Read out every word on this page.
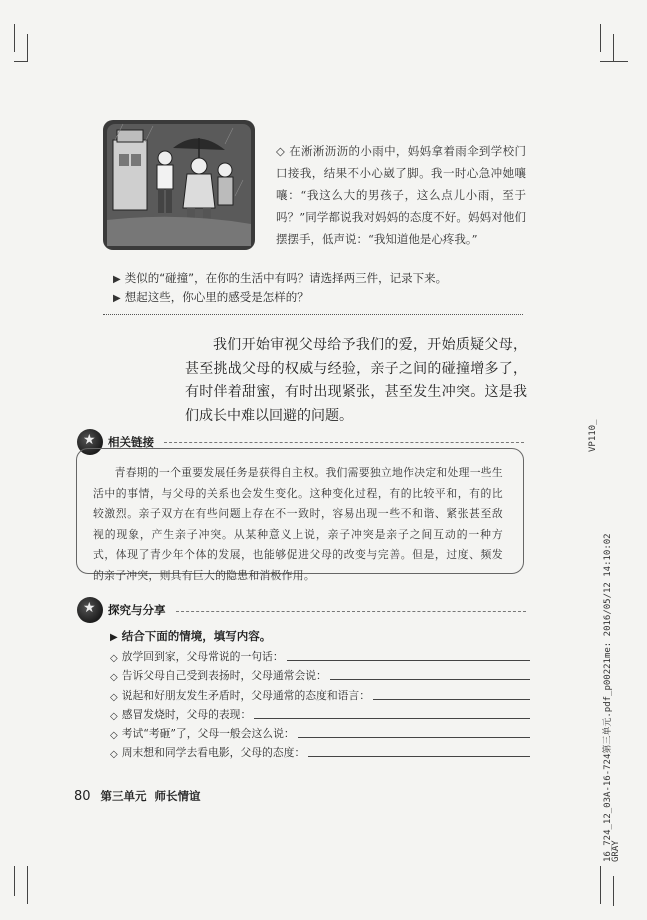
◇ 在淅淅沥沥的小雨中，妈妈拿着雨伞到学校门口接我，结果不小心崴了脚。我一时心急冲她嚷嚷：“我这么大的男孩子，这么点儿小雨，至于吗？”同学都说我对妈妈的态度不好。妈妈对他们摆摆手，低声说：“我知道他是心疼我。”
▶ 类似的“碰撞”，在你的生活中有吗？请选择两三件，记录下来。
▶ 想起这些，你心里的感受是怎样的？

我们开始审视父母给予我们的爱，开始质疑父母，甚至挑战父母的权威与经验，亲子之间的碰撞增多了，有时伴着甜蜜，有时出现紧张，甚至发生冲突。这是我们成长中难以回避的问题。

★
相关链接

青春期的一个重要发展任务是获得自主权。我们需要独立地作决定和处理一些生活中的事情，与父母的关系也会发生变化。这种变化过程，有的比较平和，有的比较激烈。亲子双方在有些问题上存在不一致时，容易出现一些不和谐、紧张甚至敌视的现象，产生亲子冲突。从某种意义上说，亲子冲突是亲子之间互动的一种方式，体现了青少年个体的发展，也能够促进父母的改变与完善。但是，过度、频发的亲子冲突，则具有巨大的隐患和消极作用。

★
探究与分享
▶ 结合下面的情境，填写内容。
◇ 放学回到家，父母常说的一句话：
◇ 告诉父母自己受到表扬时，父母通常会说：
◇ 说起和好朋友发生矛盾时，父母通常的态度和语言：
◇ 感冒发烧时，父母的表现：
◇ 考试“考砸”了，父母一般会这么说：
◇ 周末想和同学去看电影，父母的态度：
80 第三单元 师长情谊
VP110_
16_724_12_03A-16-724第三单元.pdf_p00221me: 2016/05/12 14:10:02
GRAY
